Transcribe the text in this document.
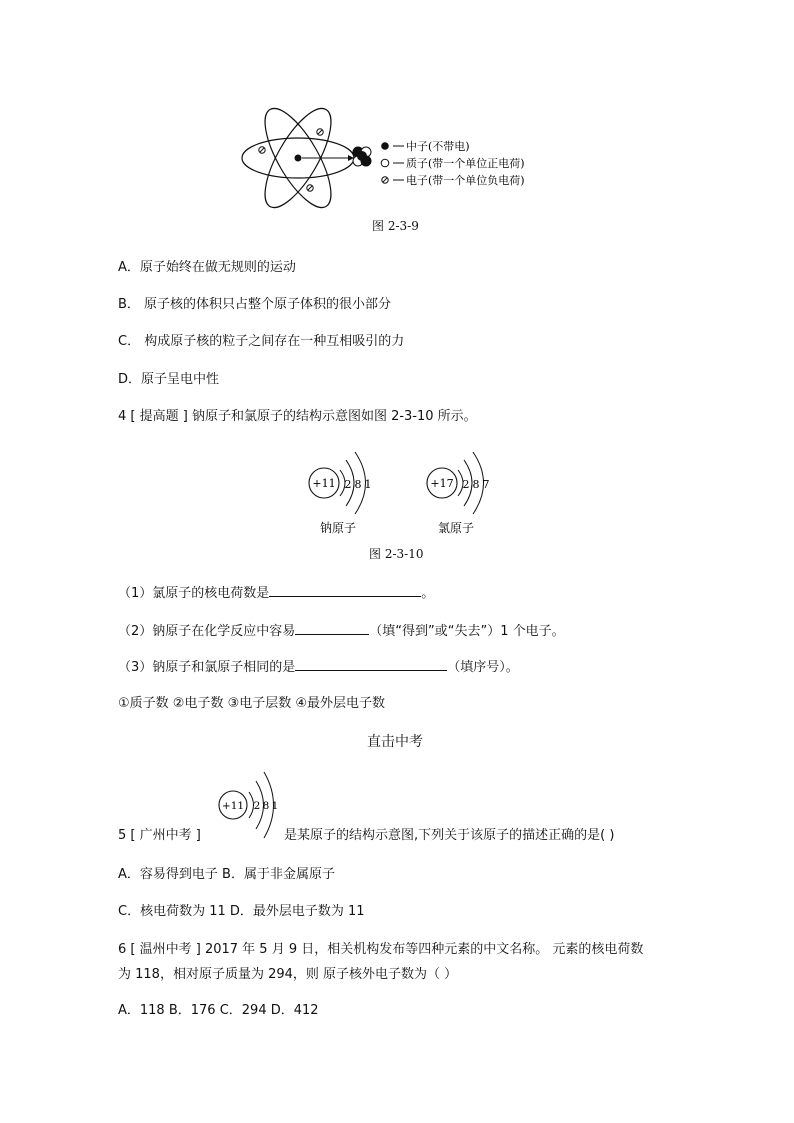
中子(不带电)
质子(带一个单位正电荷)
电子(带一个单位负电荷)
图 2-3-9
A．原子始终在做无规则的运动
B． 原子核的体积只占整个原子体积的很小部分
C． 构成原子核的粒子之间存在一种互相吸引的力
D．原子呈电中性
4 [ 提高题 ] 钠原子和氯原子的结构示意图如图 2-3-10 所示。
+11 2 8 1
钠原子
+17 2 8 7
氯原子
图 2-3-10
（1）氯原子的核电荷数是	。
（2）钠原子在化学反应中容易	（填“得到”或“失去”）1 个电子。
（3）钠原子和氯原子相同的是	（填序号）。
①质子数 ②电子数 ③电子层数 ④最外层电子数
直击中考
+11 2 8 1
5 [ 广州中考 ]	是某原子的结构示意图,下列关于该原子的描述正确的是( )
A．容易得到电子 B．属于非金属原子
C．核电荷数为 11 D．最外层电子数为 11
6 [ 温州中考 ] 2017 年 5 月 9 日，相关机构发布等四种元素的中文名称。 元素的核电荷数
为 118，相对原子质量为 294，则 原子核外电子数为（ ）
A．118 B．176 C．294 D．412
